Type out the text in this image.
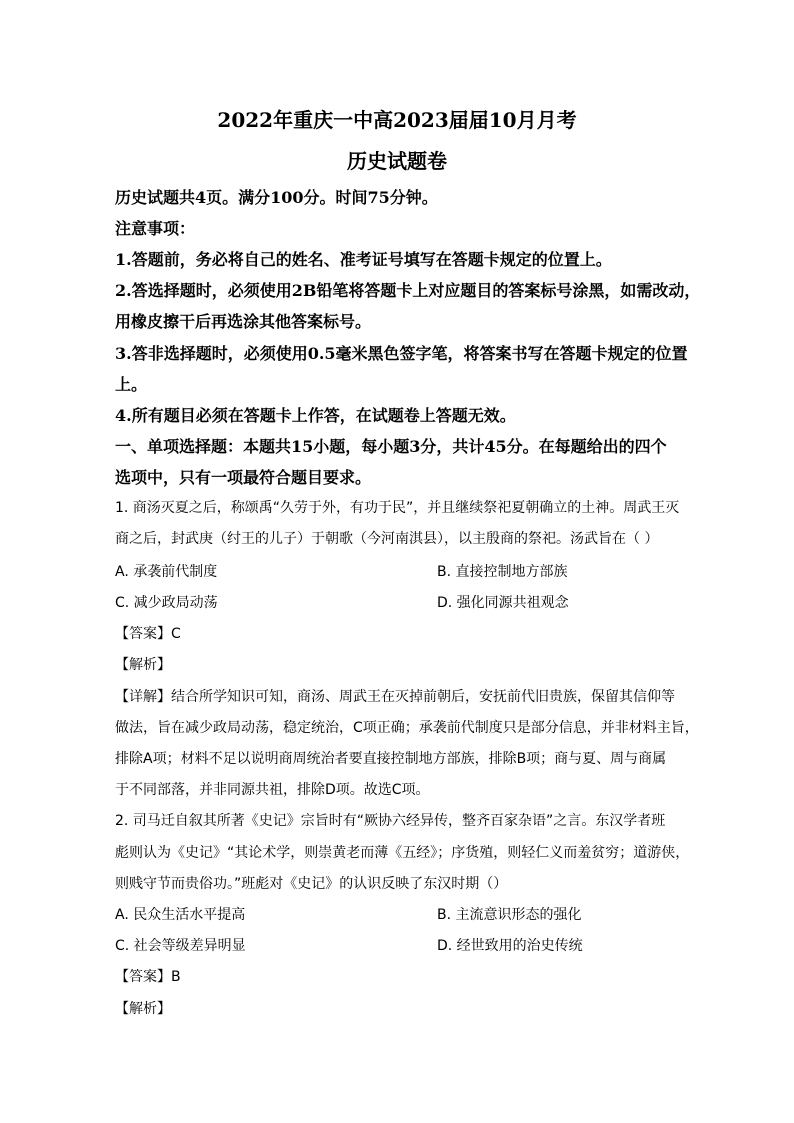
2022年重庆一中高2023届届10月月考
历史试题卷
历史试题共4页。满分100分。时间75分钟。
注意事项：
1.答题前，务必将自己的姓名、准考证号填写在答题卡规定的位置上。
2.答选择题时，必须使用2B铅笔将答题卡上对应题目的答案标号涂黑，如需改动，
用橡皮擦干后再选涂其他答案标号。
3.答非选择题时，必须使用0.5毫米黑色签字笔，将答案书写在答题卡规定的位置
上。
4.所有题目必须在答题卡上作答，在试题卷上答题无效。
一、单项选择题：本题共15小题，每小题3分，共计45分。在每题给出的四个
选项中，只有一项最符合题目要求。
1. 商汤灭夏之后，称颂禹“久劳于外，有功于民”，并且继续祭祀夏朝确立的土神。周武王灭
商之后，封武庚（纣王的儿子）于朝歌（今河南淇县），以主殷商的祭祀。汤武旨在（ ）
A. 承袭前代制度	B. 直接控制地方部族
C. 减少政局动荡	D. 强化同源共祖观念
【答案】C
【解析】
【详解】结合所学知识可知，商汤、周武王在灭掉前朝后，安抚前代旧贵族，保留其信仰等
做法，旨在减少政局动荡，稳定统治，C项正确；承袭前代制度只是部分信息，并非材料主旨，
排除A项；材料不足以说明商周统治者要直接控制地方部族，排除B项；商与夏、周与商属
于不同部落，并非同源共祖，排除D项。故选C项。
2. 司马迁自叙其所著《史记》宗旨时有“厥协六经异传，整齐百家杂语”之言。东汉学者班
彪则认为《史记》“其论术学，则崇黄老而薄《五经》；序货殖，则轻仁义而羞贫穷；道游侠，
则贱守节而贵俗功。”班彪对《史记》的认识反映了东汉时期（）
A. 民众生活水平提高	B. 主流意识形态的强化
C. 社会等级差异明显	D. 经世致用的治史传统
【答案】B
【解析】
